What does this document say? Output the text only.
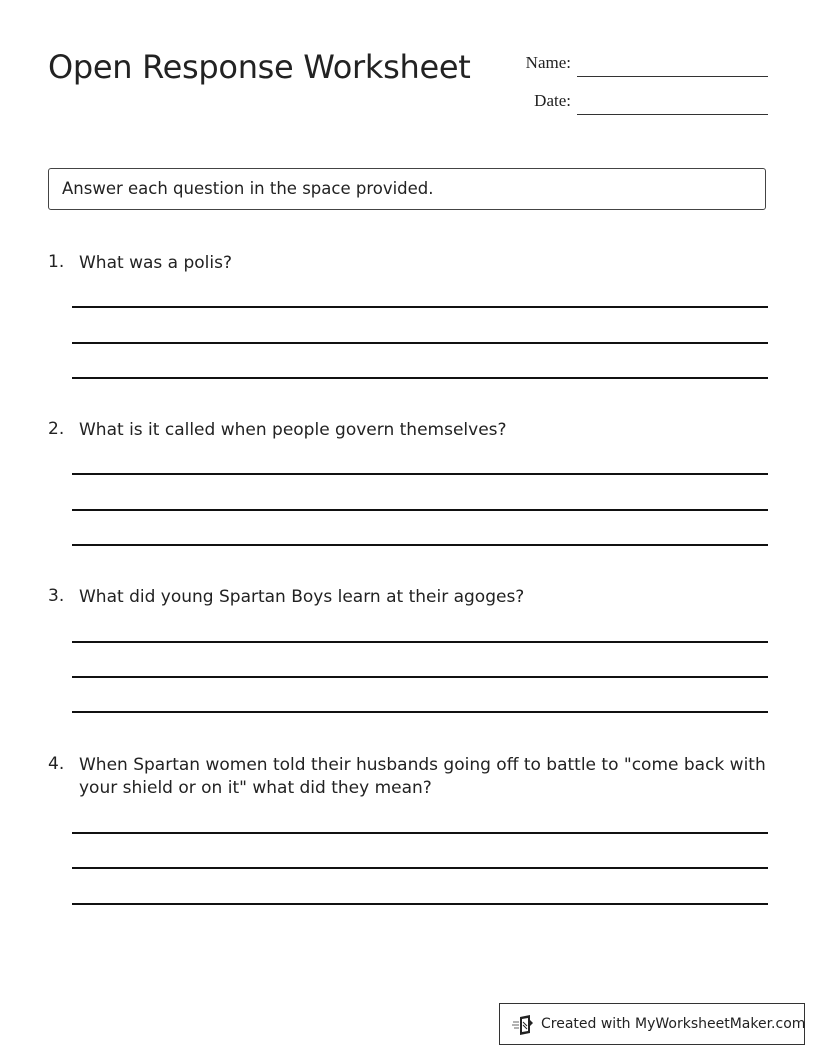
Open Response Worksheet	Name:
Date:
Answer each question in the space provided.
1. What was a polis?
2. What is it called when people govern themselves?
3. What did young Spartan Boys learn at their agoges?
4. When Spartan women told their husbands going off to battle to "come back with your shield or on it" what did they mean?
Created with MyWorksheetMaker.com
